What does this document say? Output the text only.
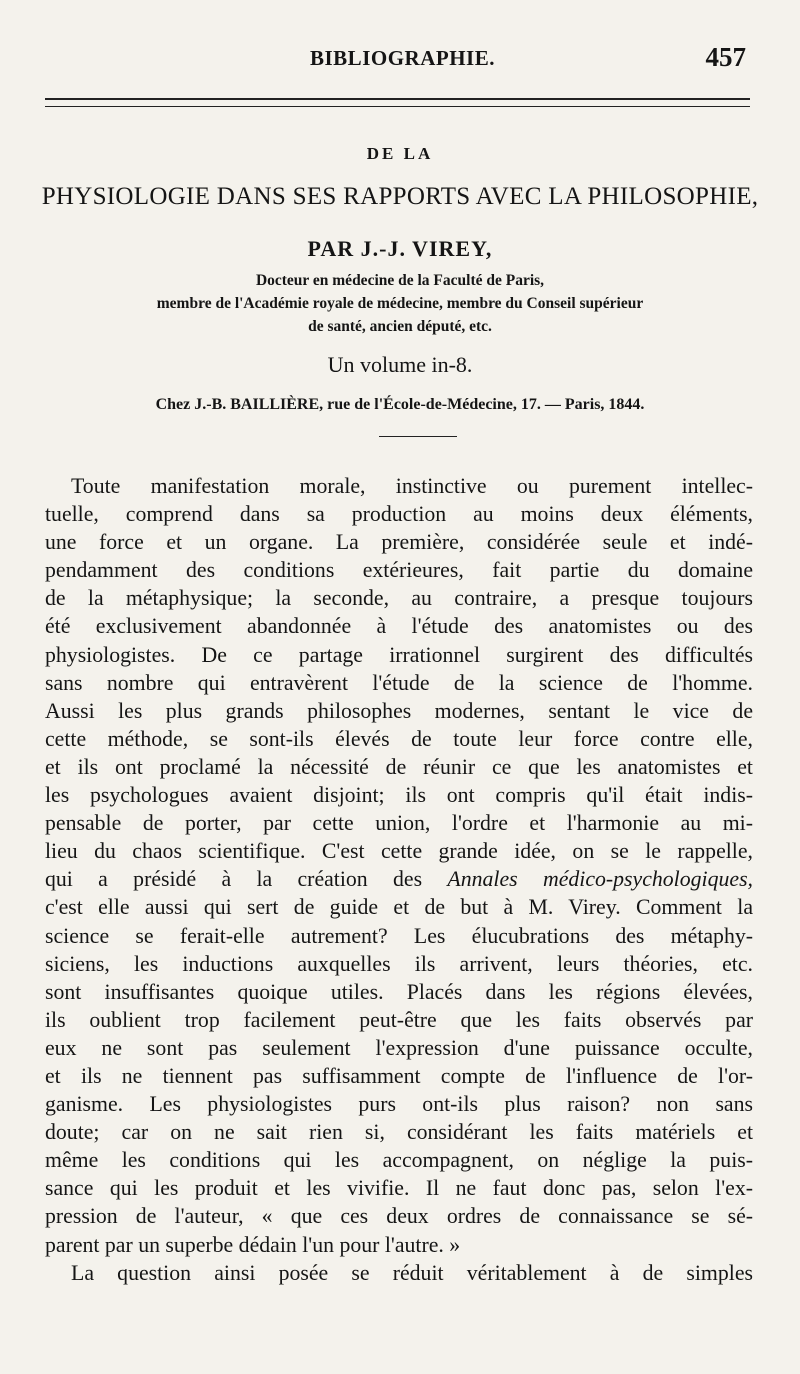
BIBLIOGRAPHIE.	457
DE LA
PHYSIOLOGIE DANS SES RAPPORTS AVEC LA PHILOSOPHIE,
PAR J.-J. VIREY,
Docteur en médecine de la Faculté de Paris,
membre de l'Académie royale de médecine, membre du Conseil supérieur
de santé, ancien député, etc.
Un volume in-8.
Chez J.-B. BAILLIÈRE, rue de l'École-de-Médecine, 17. — Paris, 1844.
Toute manifestation morale, instinctive ou purement intellec-
tuelle, comprend dans sa production au moins deux éléments,
une force et un organe. La première, considérée seule et indé-
pendamment des conditions extérieures, fait partie du domaine
de la métaphysique; la seconde, au contraire, a presque toujours
été exclusivement abandonnée à l'étude des anatomistes ou des
physiologistes. De ce partage irrationnel surgirent des difficultés
sans nombre qui entravèrent l'étude de la science de l'homme.
Aussi les plus grands philosophes modernes, sentant le vice de
cette méthode, se sont-ils élevés de toute leur force contre elle,
et ils ont proclamé la nécessité de réunir ce que les anatomistes et
les psychologues avaient disjoint; ils ont compris qu'il était indis-
pensable de porter, par cette union, l'ordre et l'harmonie au mi-
lieu du chaos scientifique. C'est cette grande idée, on se le rappelle,
qui a présidé à la création des Annales médico-psychologiques,
c'est elle aussi qui sert de guide et de but à M. Virey. Comment la
science se ferait-elle autrement? Les élucubrations des métaphy-
siciens, les inductions auxquelles ils arrivent, leurs théories, etc.
sont insuffisantes quoique utiles. Placés dans les régions élevées,
ils oublient trop facilement peut-être que les faits observés par
eux ne sont pas seulement l'expression d'une puissance occulte,
et ils ne tiennent pas suffisamment compte de l'influence de l'or-
ganisme. Les physiologistes purs ont-ils plus raison? non sans
doute; car on ne sait rien si, considérant les faits matériels et
même les conditions qui les accompagnent, on néglige la puis-
sance qui les produit et les vivifie. Il ne faut donc pas, selon l'ex-
pression de l'auteur, « que ces deux ordres de connaissance se sé-
parent par un superbe dédain l'un pour l'autre. »
La question ainsi posée se réduit véritablement à de simples
